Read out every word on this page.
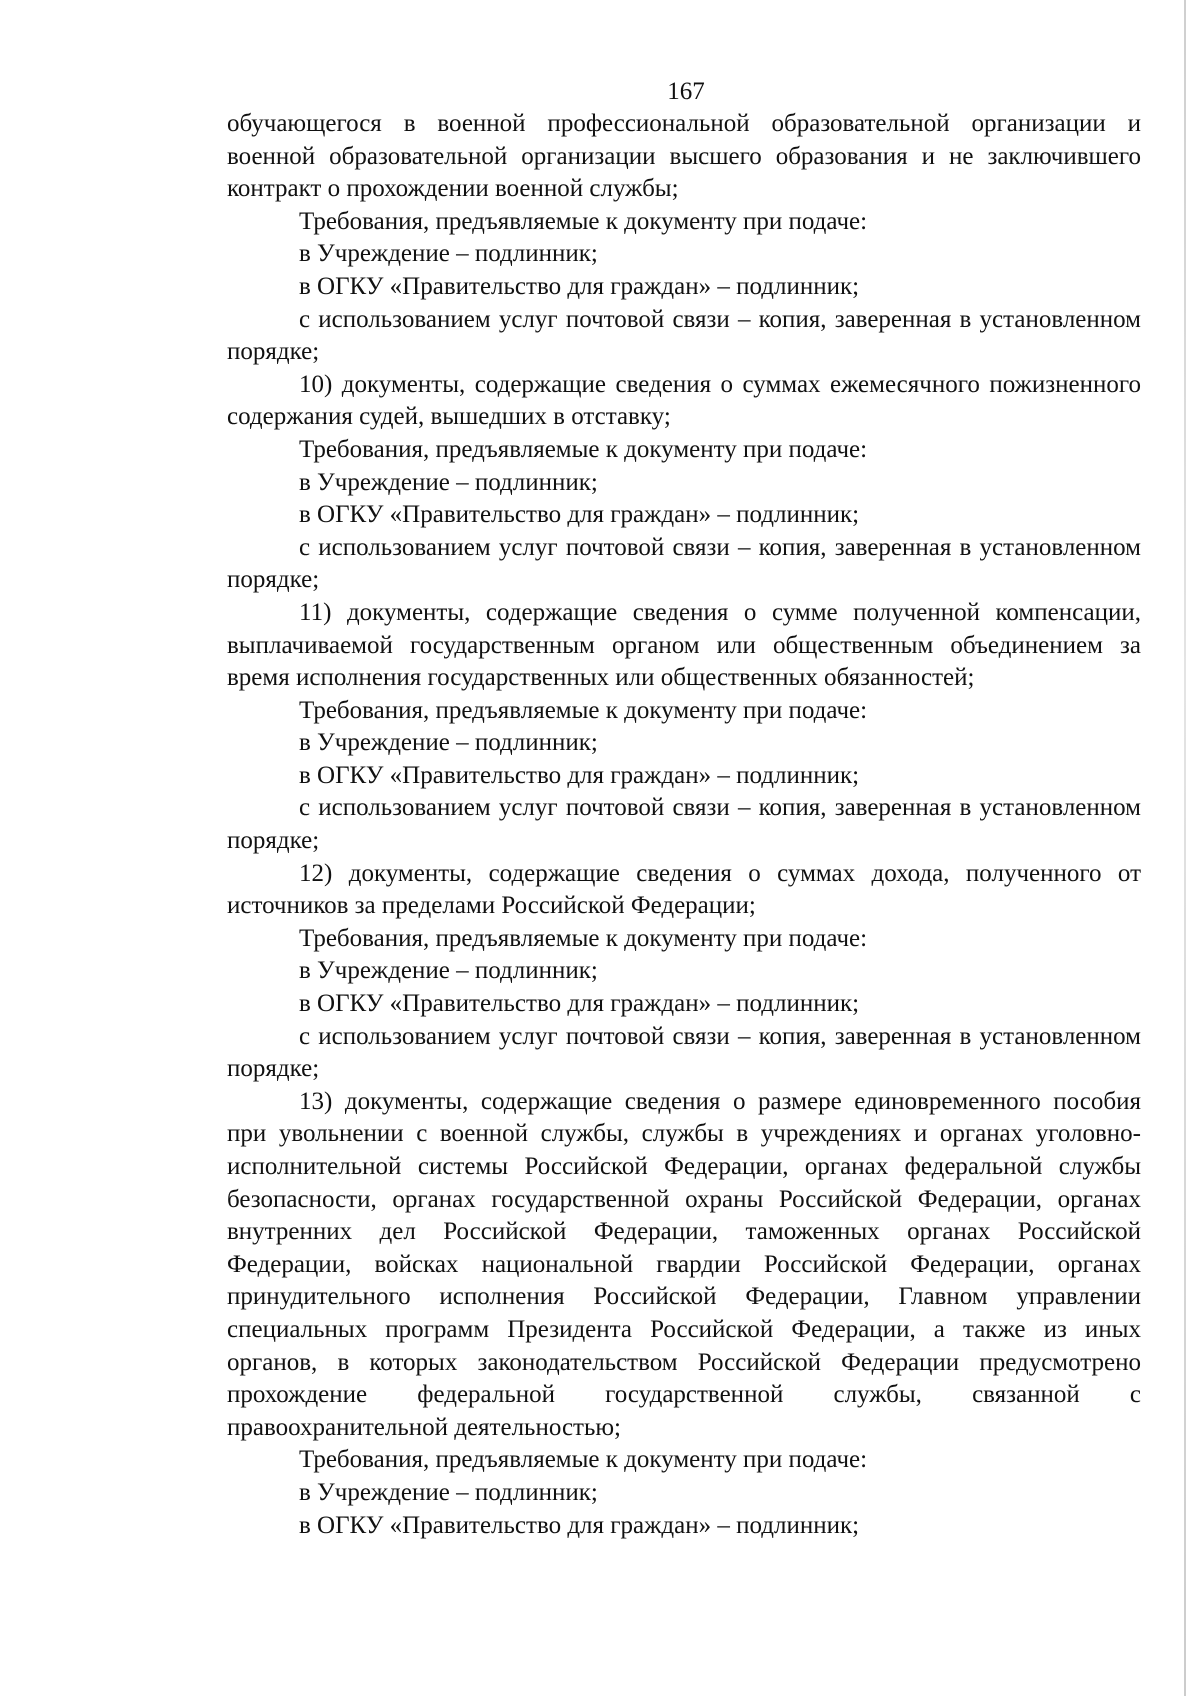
167

обучающегося в военной профессиональной образовательной организации и военной образовательной организации высшего образования и не заключившего контракт о прохождении военной службы;

Требования, предъявляемые к документу при подаче:

в Учреждение – подлинник;

в ОГКУ «Правительство для граждан» – подлинник;

с использованием услуг почтовой связи – копия, заверенная в установленном порядке;

10) документы, содержащие сведения о суммах ежемесячного пожизненного содержания судей, вышедших в отставку;

Требования, предъявляемые к документу при подаче:

в Учреждение – подлинник;

в ОГКУ «Правительство для граждан» – подлинник;

с использованием услуг почтовой связи – копия, заверенная в установленном порядке;

11) документы, содержащие сведения о сумме полученной компенсации, выплачиваемой государственным органом или общественным объединением за время исполнения государственных или общественных обязанностей;

Требования, предъявляемые к документу при подаче:

в Учреждение – подлинник;

в ОГКУ «Правительство для граждан» – подлинник;

с использованием услуг почтовой связи – копия, заверенная в установленном порядке;

12) документы, содержащие сведения о суммах дохода, полученного от источников за пределами Российской Федерации;

Требования, предъявляемые к документу при подаче:

в Учреждение – подлинник;

в ОГКУ «Правительство для граждан» – подлинник;

с использованием услуг почтовой связи – копия, заверенная в установленном порядке;

13) документы, содержащие сведения о размере единовременного пособия при увольнении с военной службы, службы в учреждениях и органах уголовно-исполнительной системы Российской Федерации, органах федеральной службы безопасности, органах государственной охраны Российской Федерации, органах внутренних дел Российской Федерации, таможенных органах Российской Федерации, войсках национальной гвардии Российской Федерации, органах принудительного исполнения Российской Федерации, Главном управлении специальных программ Президента Российской Федерации, а также из иных органов, в которых законодательством Российской Федерации предусмотрено прохождение федеральной государственной службы, связанной с правоохранительной деятельностью;

Требования, предъявляемые к документу при подаче:

в Учреждение – подлинник;

в ОГКУ «Правительство для граждан» – подлинник;
